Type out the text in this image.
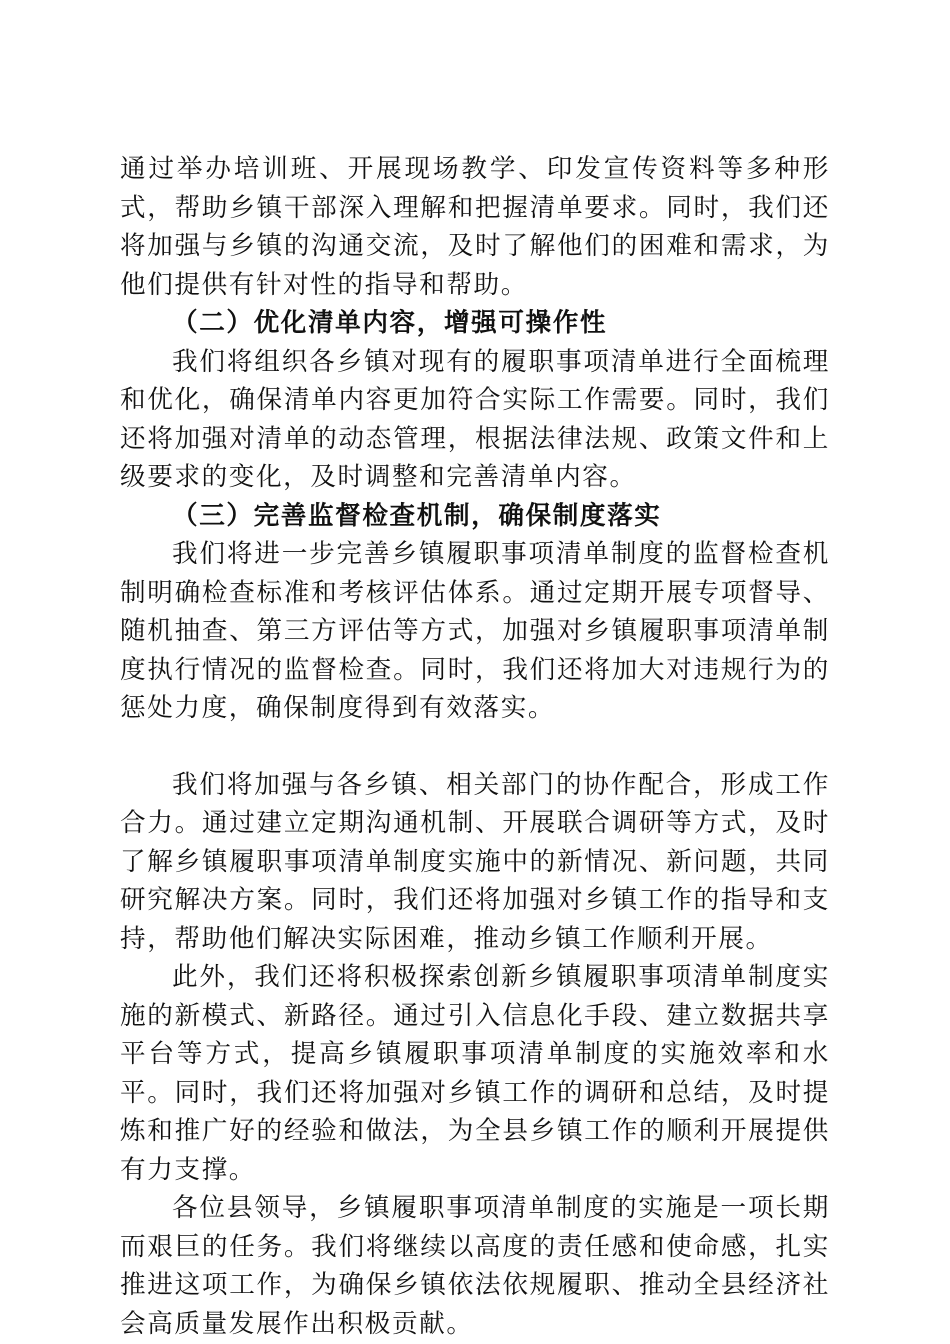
通过举办培训班、开展现场教学、印发宣传资料等多种形式，帮助乡镇干部深入理解和把握清单要求。同时，我们还将加强与乡镇的沟通交流，及时了解他们的困难和需求，为他们提供有针对性的指导和帮助。

（二）优化清单内容，增强可操作性

我们将组织各乡镇对现有的履职事项清单进行全面梳理和优化，确保清单内容更加符合实际工作需要。同时，我们还将加强对清单的动态管理，根据法律法规、政策文件和上级要求的变化，及时调整和完善清单内容。

（三）完善监督检查机制，确保制度落实

我们将进一步完善乡镇履职事项清单制度的监督检查机制明确检查标准和考核评估体系。通过定期开展专项督导、随机抽查、第三方评估等方式，加强对乡镇履职事项清单制度执行情况的监督检查。同时，我们还将加大对违规行为的惩处力度，确保制度得到有效落实。

我们将加强与各乡镇、相关部门的协作配合，形成工作合力。通过建立定期沟通机制、开展联合调研等方式，及时了解乡镇履职事项清单制度实施中的新情况、新问题，共同研究解决方案。同时，我们还将加强对乡镇工作的指导和支持，帮助他们解决实际困难，推动乡镇工作顺利开展。

此外，我们还将积极探索创新乡镇履职事项清单制度实施的新模式、新路径。通过引入信息化手段、建立数据共享平台等方式，提高乡镇履职事项清单制度的实施效率和水平。同时，我们还将加强对乡镇工作的调研和总结，及时提炼和推广好的经验和做法，为全县乡镇工作的顺利开展提供有力支撑。

各位县领导，乡镇履职事项清单制度的实施是一项长期而艰巨的任务。我们将继续以高度的责任感和使命感，扎实推进这项工作，为确保乡镇依法依规履职、推动全县经济社会高质量发展作出积极贡献。
